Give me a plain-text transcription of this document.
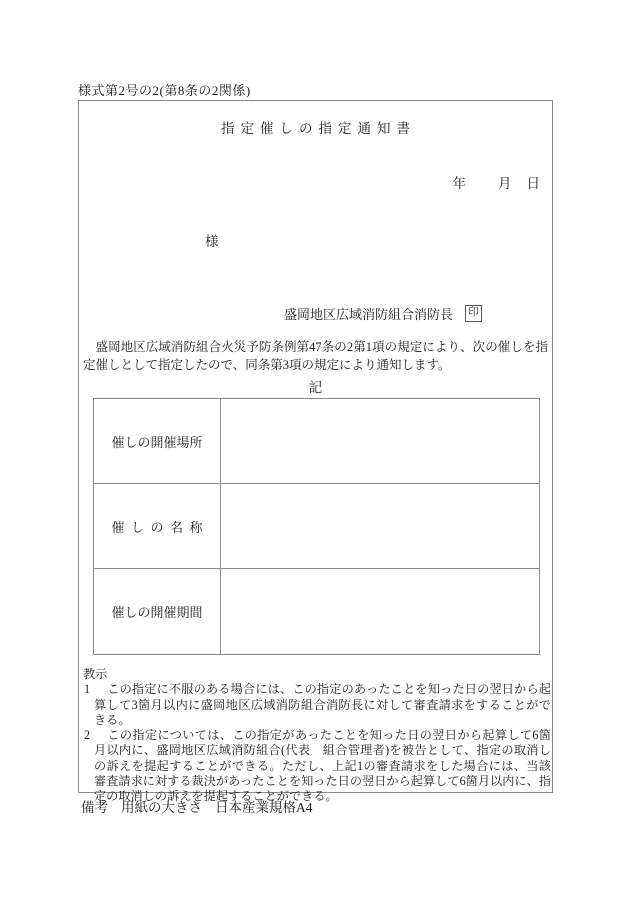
様式第2号の2(第8条の2関係)
指定催しの指定通知書
年 月 日
様
盛岡地区広域消防組合消防長	印

盛岡地区広域消防組合火災予防条例第47条の2第1項の規定により、次の催しを指定催しとして指定したので、同条第3項の規定により通知します。

記
催しの開催場所
催しの名称
催しの開催期間
教示
1 この指定に不服のある場合には、この指定のあったことを知った日の翌日から起算して3箇月以内に盛岡地区広域消防組合消防長に対して審査請求をすることができる。
2 この指定については、この指定があったことを知った日の翌日から起算して6箇月以内に、盛岡地区広域消防組合(代表　組合管理者)を被告として、指定の取消しの訴えを提起することができる。ただし、上記1の審査請求をした場合には、当該審査請求に対する裁決があったことを知った日の翌日から起算して6箇月以内に、指定の取消しの訴えを提起することができる。
備考 用紙の大きさ 日本産業規格A4
